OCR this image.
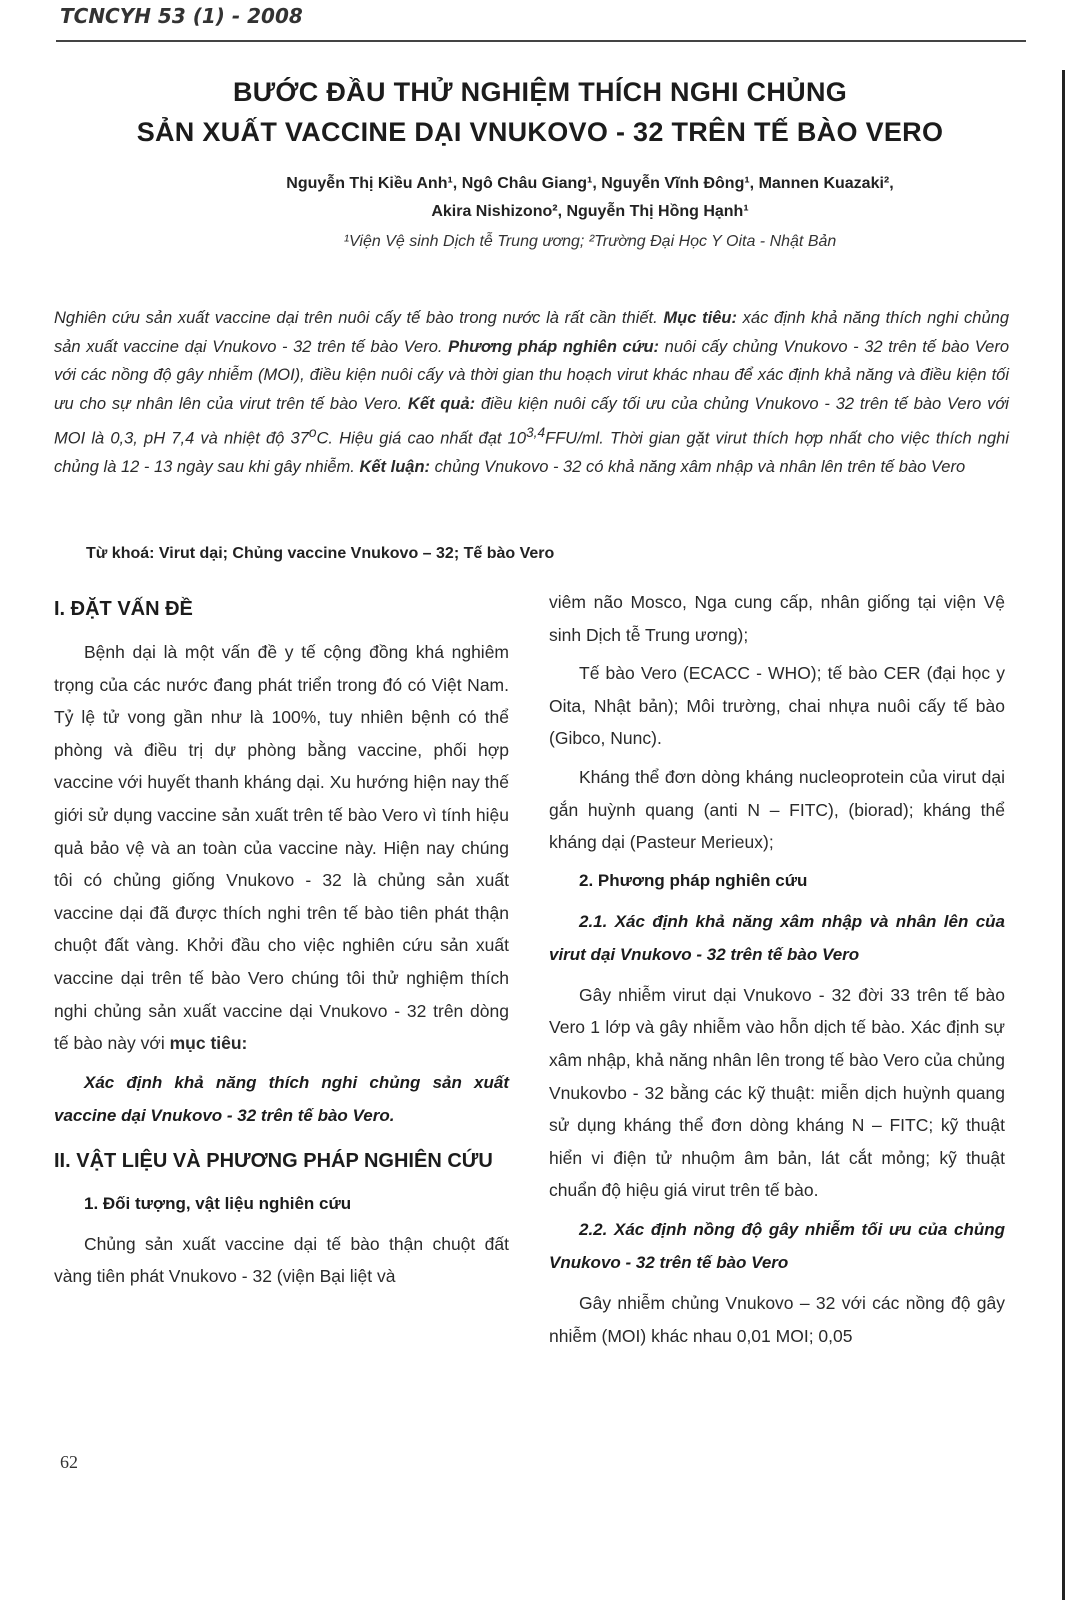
TCNCYH 53 (1) - 2008
BƯỚC ĐẦU THỬ NGHIỆM THÍCH NGHI CHỦNG
SẢN XUẤT VACCINE DẠI VNUKOVO - 32 TRÊN TẾ BÀO VERO
Nguyễn Thị Kiều Anh¹, Ngô Châu Giang¹, Nguyễn Vĩnh Đông¹, Mannen Kuazaki²,
Akira Nishizono², Nguyễn Thị Hồng Hạnh¹
¹Viện Vệ sinh Dịch tễ Trung ương; ²Trường Đại Học Y Oita - Nhật Bản
Nghiên cứu sản xuất vaccine dại trên nuôi cấy tế bào trong nước là rất cần thiết. Mục tiêu: xác định khả năng thích nghi chủng sản xuất vaccine dại Vnukovo - 32 trên tế bào Vero. Phương pháp nghiên cứu: nuôi cấy chủng Vnukovo - 32 trên tế bào Vero với các nồng độ gây nhiễm (MOI), điều kiện nuôi cấy và thời gian thu hoạch virut khác nhau để xác định khả năng và điều kiện tối ưu cho sự nhân lên của virut trên tế bào Vero. Kết quả: điều kiện nuôi cấy tối ưu của chủng Vnukovo - 32 trên tế bào Vero với MOI là 0,3, pH 7,4 và nhiệt độ 37$^o$C. Hiệu giá cao nhất đạt 10$^{3,4}$FFU/ml. Thời gian gặt virut thích hợp nhất cho việc thích nghi chủng là 12 - 13 ngày sau khi gây nhiễm. Kết luận: chủng Vnukovo - 32 có khả năng xâm nhập và nhân lên trên tế bào Vero
Từ khoá: Virut dại; Chủng vaccine Vnukovo – 32; Tế bào Vero
I. ĐẶT VẤN ĐỀ

Bệnh dại là một vấn đề y tế cộng đồng khá nghiêm trọng của các nước đang phát triển trong đó có Việt Nam. Tỷ lệ tử vong gần như là 100%, tuy nhiên bệnh có thể phòng và điều trị dự phòng bằng vaccine, phối hợp vaccine với huyết thanh kháng dại. Xu hướng hiện nay thế giới sử dụng vaccine sản xuất trên tế bào Vero vì tính hiệu quả bảo vệ và an toàn của vaccine này. Hiện nay chúng tôi có chủng giống Vnukovo - 32 là chủng sản xuất vaccine dại đã được thích nghi trên tế bào tiên phát thận chuột đất vàng. Khởi đầu cho việc nghiên cứu sản xuất vaccine dại trên tế bào Vero chúng tôi thử nghiệm thích nghi chủng sản xuất vaccine dại Vnukovo - 32 trên dòng tế bào này với mục tiêu:

Xác định khả năng thích nghi chủng sản xuất vaccine dại Vnukovo - 32 trên tế bào Vero.
II. VẬT LIỆU VÀ PHƯƠNG PHÁP NGHIÊN CỨU
1. Đối tượng, vật liệu nghiên cứu

Chủng sản xuất vaccine dại tế bào thận chuột đất vàng tiên phát Vnukovo - 32 (viện Bại liệt và

viêm não Mosco, Nga cung cấp, nhân giống tại viện Vệ sinh Dịch tễ Trung ương);

Tế bào Vero (ECACC - WHO); tế bào CER (đại học y Oita, Nhật bản); Môi trường, chai nhựa nuôi cấy tế bào (Gibco, Nunc).

Kháng thể đơn dòng kháng nucleoprotein của virut dại gắn huỳnh quang (anti N – FITC), (biorad); kháng thể kháng dại (Pasteur Merieux);

2. Phương pháp nghiên cứu
2.1. Xác định khả năng xâm nhập và nhân lên của virut dại Vnukovo - 32 trên tế bào Vero

Gây nhiễm virut dại Vnukovo - 32 đời 33 trên tế bào Vero 1 lớp và gây nhiễm vào hỗn dịch tế bào. Xác định sự xâm nhập, khả năng nhân lên trong tế bào Vero của chủng Vnukovbo - 32 bằng các kỹ thuật: miễn dịch huỳnh quang sử dụng kháng thể đơn dòng kháng N – FITC; kỹ thuật hiển vi điện tử nhuộm âm bản, lát cắt mỏng; kỹ thuật chuẩn độ hiệu giá virut trên tế bào.

2.2. Xác định nồng độ gây nhiễm tối ưu của chủng Vnukovo - 32 trên tế bào Vero

Gây nhiễm chủng Vnukovo – 32 với các nồng độ gây nhiễm (MOI) khác nhau 0,01 MOI; 0,05

62
